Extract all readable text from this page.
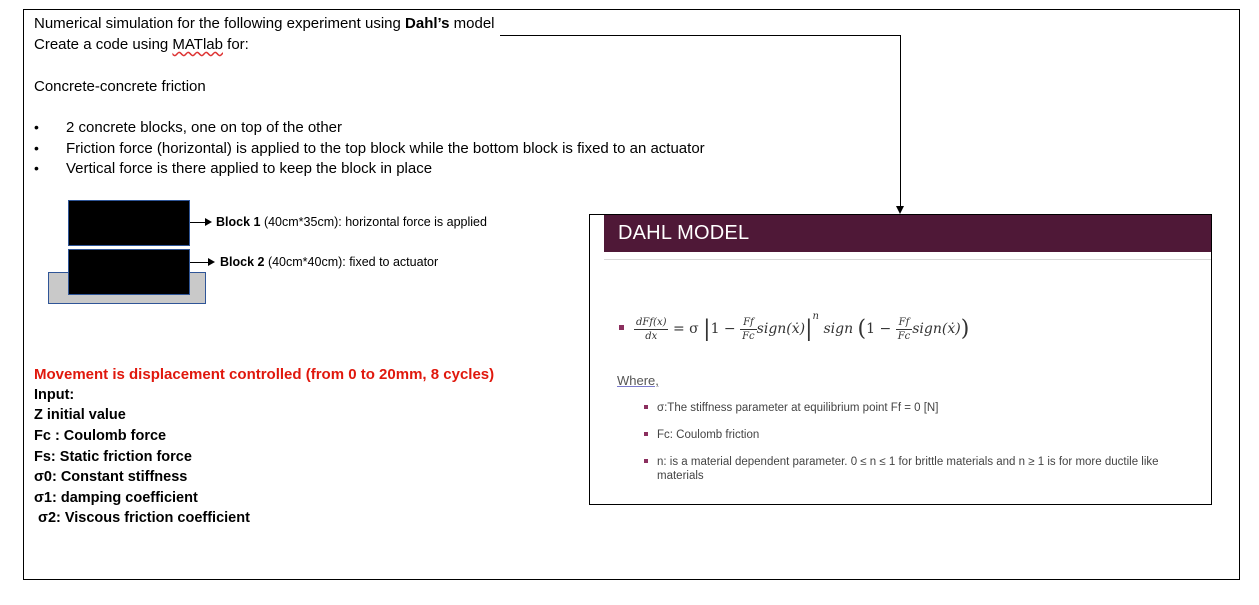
Numerical simulation for the following experiment using Dahl’s model
Create a code using MATlab for:
Concrete-concrete friction
• 2 concrete blocks, one on top of the other
• Friction force (horizontal) is applied to the top block while the bottom block is fixed to an actuator
• Vertical force is there applied to keep the block in place
Block 1 (40cm*35cm): horizontal force is applied
Block 2 (40cm*40cm): fixed to actuator
Movement is displacement controlled (from 0 to 20mm, 8 cycles)
Input:
Z initial value
Fc : Coulomb force
Fs: Static friction force
σ0: Constant stiffness
σ1: damping coefficient
σ2: Viscous friction coefficient
DAHL MODEL
$\frac{\text{dFf(x)}}{dx} = \sigma$ $|1 - \frac{Ff}{Fc}$ $sign(ẋ)|^n$ sign ($1 - \frac{Ff}{Fc}$ sign(ẋ))
Where,
σ:The stiffness parameter at equilibrium point Ff = 0 [N]
Fc: Coulomb friction
n: is a material dependent parameter. 0 ≤ n ≤ 1 for brittle materials and n ≥ 1 is for more ductile like materials
